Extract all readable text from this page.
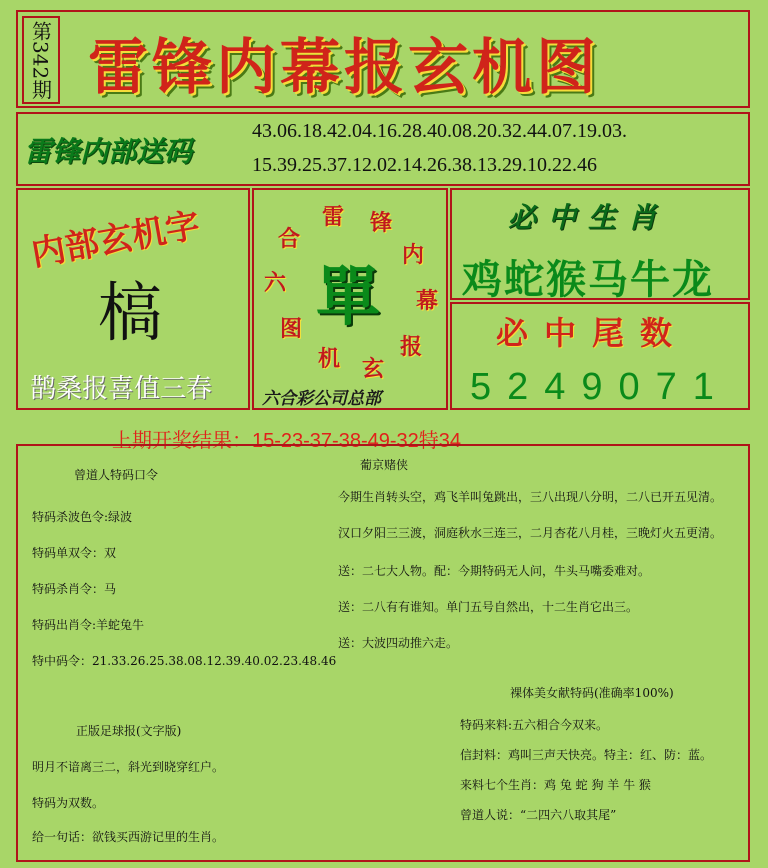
第342期 雷锋内幕报玄机图
雷锋内部送码
43.06.18.42.04.16.28.40.08.20.32.44.07.19.03.
15.39.25.37.12.02.14.26.38.13.29.10.22.46
内部玄机字
槁
鹊桑报喜值三春
雷 锋
内
幕
报
玄
机
图
六
合
單
六合彩公司总部
必中生肖
鸡蛇猴马牛龙
必中尾数
5249071
上期开奖结果：15-23-37-38-49-32特34
曾道人特码口令
特码杀波色令:绿波
特码单双令：双
特码杀肖令：马
特码出肖令:羊蛇兔牛
特中码令：21.33.26.25.38.08.12.39.40.02.23.48.46
正版足球报(文字版)
明月不谙离三二，斜光到晓穿红户。
特码为双数。
给一句话：欲钱买西游记里的生肖。
葡京赌侠
今期生肖转头空，鸡飞羊叫兔跳出，三八出现八分明，二八已开五见清。
汉口夕阳三三渡，洞庭秋水三连三，二月杏花八月桂，三晚灯火五更清。
送：二七大人物。配：今期特码无人问，牛头马嘴委难对。
送：二八有有谁知。单门五号自然出，十二生肖它出三。
送：大波四动推六走。
裸体美女献特码(准确率100%)
特码来料:五六相合今双来。
信封料：鸡叫三声天快亮。特主：红、防：蓝。
来料七个生肖：鸡 兔 蛇 狗 羊 牛 猴
曾道人说：“二四六八取其尾”
